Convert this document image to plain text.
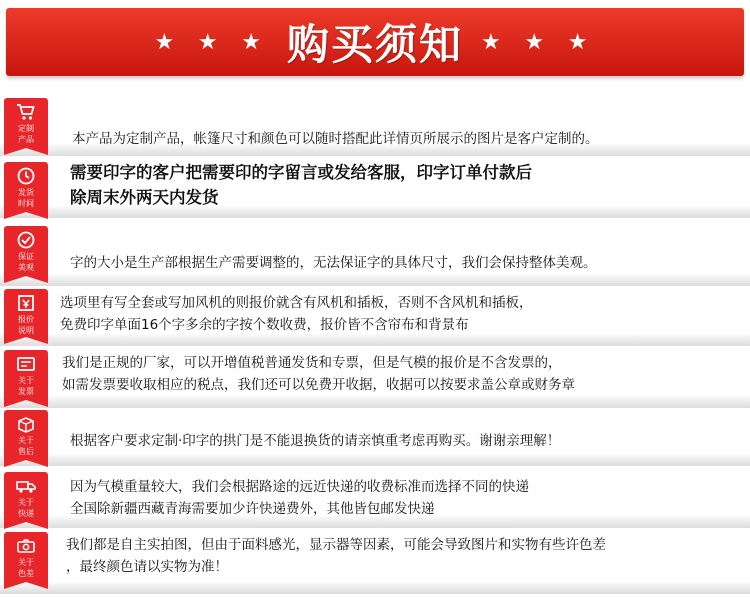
★ ★ ★ 购买须知 ★ ★ ★
定制
产品	本产品为定制产品，帐篷尺寸和颜色可以随时搭配此详情页所展示的图片是客户定制的。
发货
时间
需要印字的客户把需要印的字留言或发给客服，印字订单付款后
除周末外两天内发货
保证
美观	字的大小是生产部根据生产需要调整的，无法保证字的具体尺寸，我们会保持整体美观。
报价
说明
选项里有写全套或写加风机的则报价就含有风机和插板，否则不含风机和插板，
免费印字单面16个字多余的字按个数收费，报价皆不含帘布和背景布
关于
发票
我们是正规的厂家，可以开增值税普通发货和专票，但是气模的报价是不含发票的，
如需发票要收取相应的税点，我们还可以免费开收据，收据可以按要求盖公章或财务章
关于
售后
根据客户要求定制·印字的拱门是不能退换货的请亲慎重考虑再购买。谢谢亲理解！
关于
快递
因为气模重量较大，我们会根据路途的远近快递的收费标准而选择不同的快递
全国除新疆西藏青海需要加少许快递费外，其他皆包邮发快递
关于
色差
我们都是自主实拍图，但由于面料感光，显示器等因素，可能会导致图片和实物有些许色差
，最终颜色请以实物为准！
